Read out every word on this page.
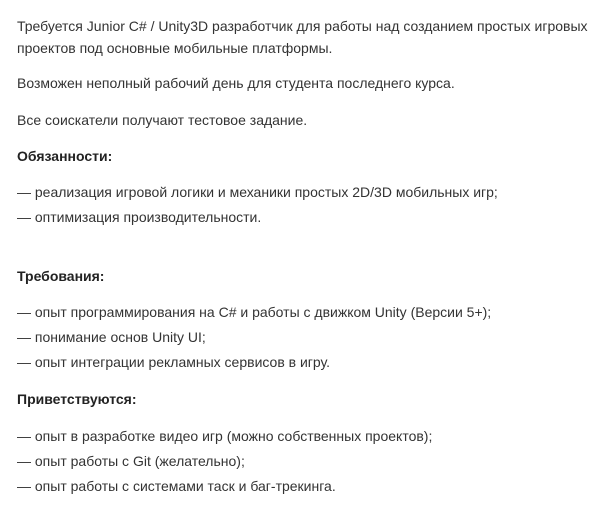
Требуется Junior C# / Unity3D разработчик для работы над созданием простых игровых
проектов под основные мобильные платформы.
Возможен неполный рабочий день для студента последнего курса.
Все соискатели получают тестовое задание.
Обязанности:
— реализация игровой логики и механики простых 2D/3D мобильных игр;
— оптимизация производительности.
Требования:
— опыт программирования на C# и работы с движком Unity (Версии 5+);
— понимание основ Unity UI;
— опыт интеграции рекламных сервисов в игру.
Приветствуются:
— опыт в разработке видео игр (можно собственных проектов);
— опыт работы с Git (желательно);
— опыт работы с системами таск и баг-трекинга.
